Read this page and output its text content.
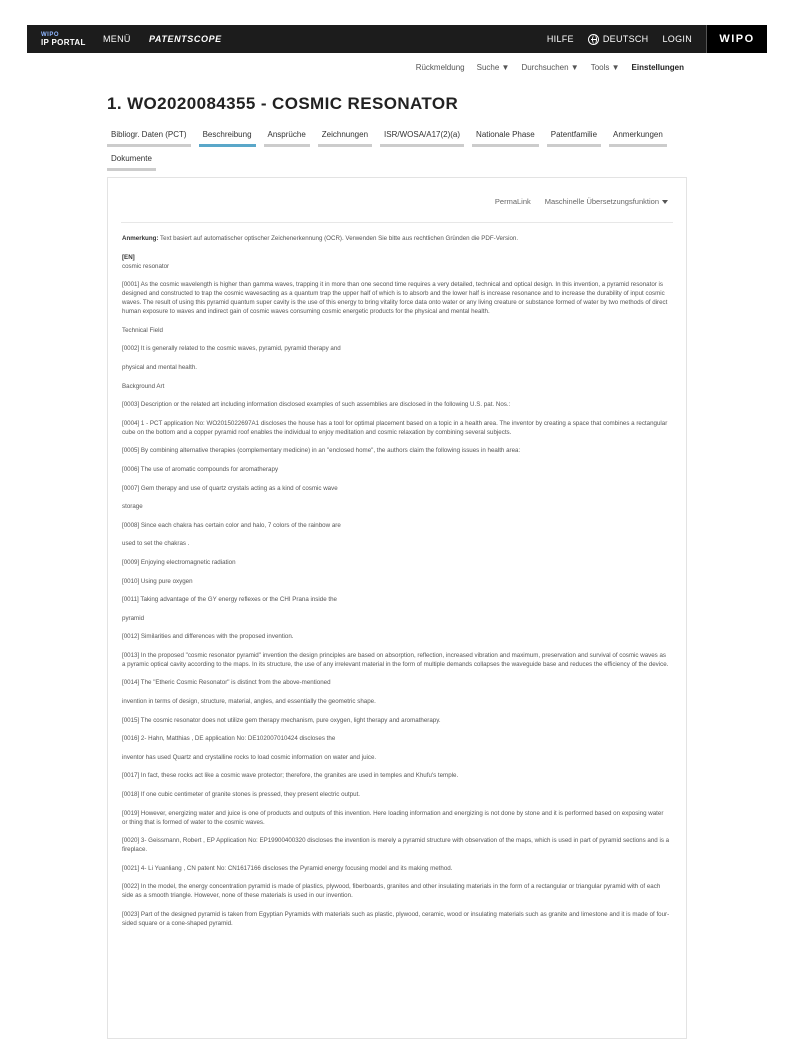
WIPO
IP PORTAL	MENÜ	PATENTSCOPE	HILFE	DEUTSCH LOGIN	WIPO
Rückmeldung Suche ▼ Durchsuchen ▼ Tools ▼ Einstellungen
1. WO2020084355 - COSMIC RESONATOR
Bibliogr. Daten (PCT)	Beschreibung	Ansprüche	Zeichnungen	ISR/WOSA/A17(2)(a)	Nationale Phase	Patentfamilie	Anmerkungen
Dokumente
PermaLink Maschinelle Übersetzungsfunktion

Anmerkung: Text basiert auf automatischer optischer Zeichenerkennung (OCR). Verwenden Sie bitte aus rechtlichen Gründen die PDF-Version.

[EN]

cosmic resonator

[0001] As the cosmic wavelength is higher than gamma waves, trapping it in more than one second time requires a very detailed, technical and optical design. In this invention, a pyramid resonator is designed and constructed to trap the cosmic wavesacting as a quantum trap the upper half of which is to absorb and the lower half is increase resonance and to increase the durability of input cosmic waves. The result of using this pyramid quantum super cavity is the use of this energy to bring vitality force data onto water or any living creature or substance formed of water by two methods of direct human exposure to waves and indirect gain of cosmic waves consuming cosmic energetic products for the physical and mental health.

Technical Field

[0002] It is generally related to the cosmic waves, pyramid, pyramid therapy and

physical and mental health.

Background Art

[0003] Description or the related art including information disclosed examples of such assemblies are disclosed in the following U.S. pat. Nos.:

[0004] 1 - PCT application No: WO2015022697A1 discloses the house has a tool for optimal placement based on a topic in a health area. The inventor by creating a space that combines a rectangular cube on the bottom and a copper pyramid roof enables the individual to enjoy meditation and cosmic relaxation by combining several subjects.

[0005] By combining alternative therapies (complementary medicine) in an "enclosed home", the authors claim the following issues in health area:

[0006] The use of aromatic compounds for aromatherapy

[0007] Gem therapy and use of quartz crystals acting as a kind of cosmic wave

storage

[0008] Since each chakra has certain color and halo, 7 colors of the rainbow are

used to set the chakras .

[0009] Enjoying electromagnetic radiation

[0010] Using pure oxygen

[0011] Taking advantage of the GY energy reflexes or the CHI Prana inside the

pyramid

[0012] Similarities and differences with the proposed invention.

[0013] In the proposed "cosmic resonator pyramid" invention the design principles are based on absorption, reflection, increased vibration and maximum, preservation and survival of cosmic waves as a pyramic optical cavity according to the maps. In its structure, the use of any irrelevant material in the form of multiple demands collapses the waveguide base and reduces the efficiency of the device.

[0014] The "Etheric Cosmic Resonator" is distinct from the above-mentioned

invention in terms of design, structure, material, angles, and essentially the geometric shape.

[0015] The cosmic resonator does not utilize gem therapy mechanism, pure oxygen, light therapy and aromatherapy.

[0016] 2- Hahn, Matthias , DE application No: DE102007010424 discloses the

inventor has used Quartz and crystalline rocks to load cosmic information on water and juice.

[0017] In fact, these rocks act like a cosmic wave protector; therefore, the granites are used in temples and Khufu's temple.

[0018] If one cubic centimeter of granite stones is pressed, they present electric output.

[0019] However, energizing water and juice is one of products and outputs of this invention. Here loading information and energizing is not done by stone and it is performed based on exposing water or thing that is formed of water to the cosmic waves.

[0020] 3- Geissmann, Robert , EP Application No: EP19900400320 discloses the invention is merely a pyramid structure with observation of the maps, which is used in part of pyramid sections and is a fireplace.

[0021] 4- Li Yuanliang , CN patent No: CN1617166 discloses the Pyramid energy focusing model and its making method.

[0022] In the model, the energy concentration pyramid is made of plastics, plywood, fiberboards, granites and other insulating materials in the form of a rectangular or triangular pyramid with of each side as a smooth triangle. However, none of these materials is used in our invention.

[0023] Part of the designed pyramid is taken from Egyptian Pyramids with materials such as plastic, plywood, ceramic, wood or insulating materials such as granite and limestone and it is made of four-sided square or a cone-shaped pyramid.
